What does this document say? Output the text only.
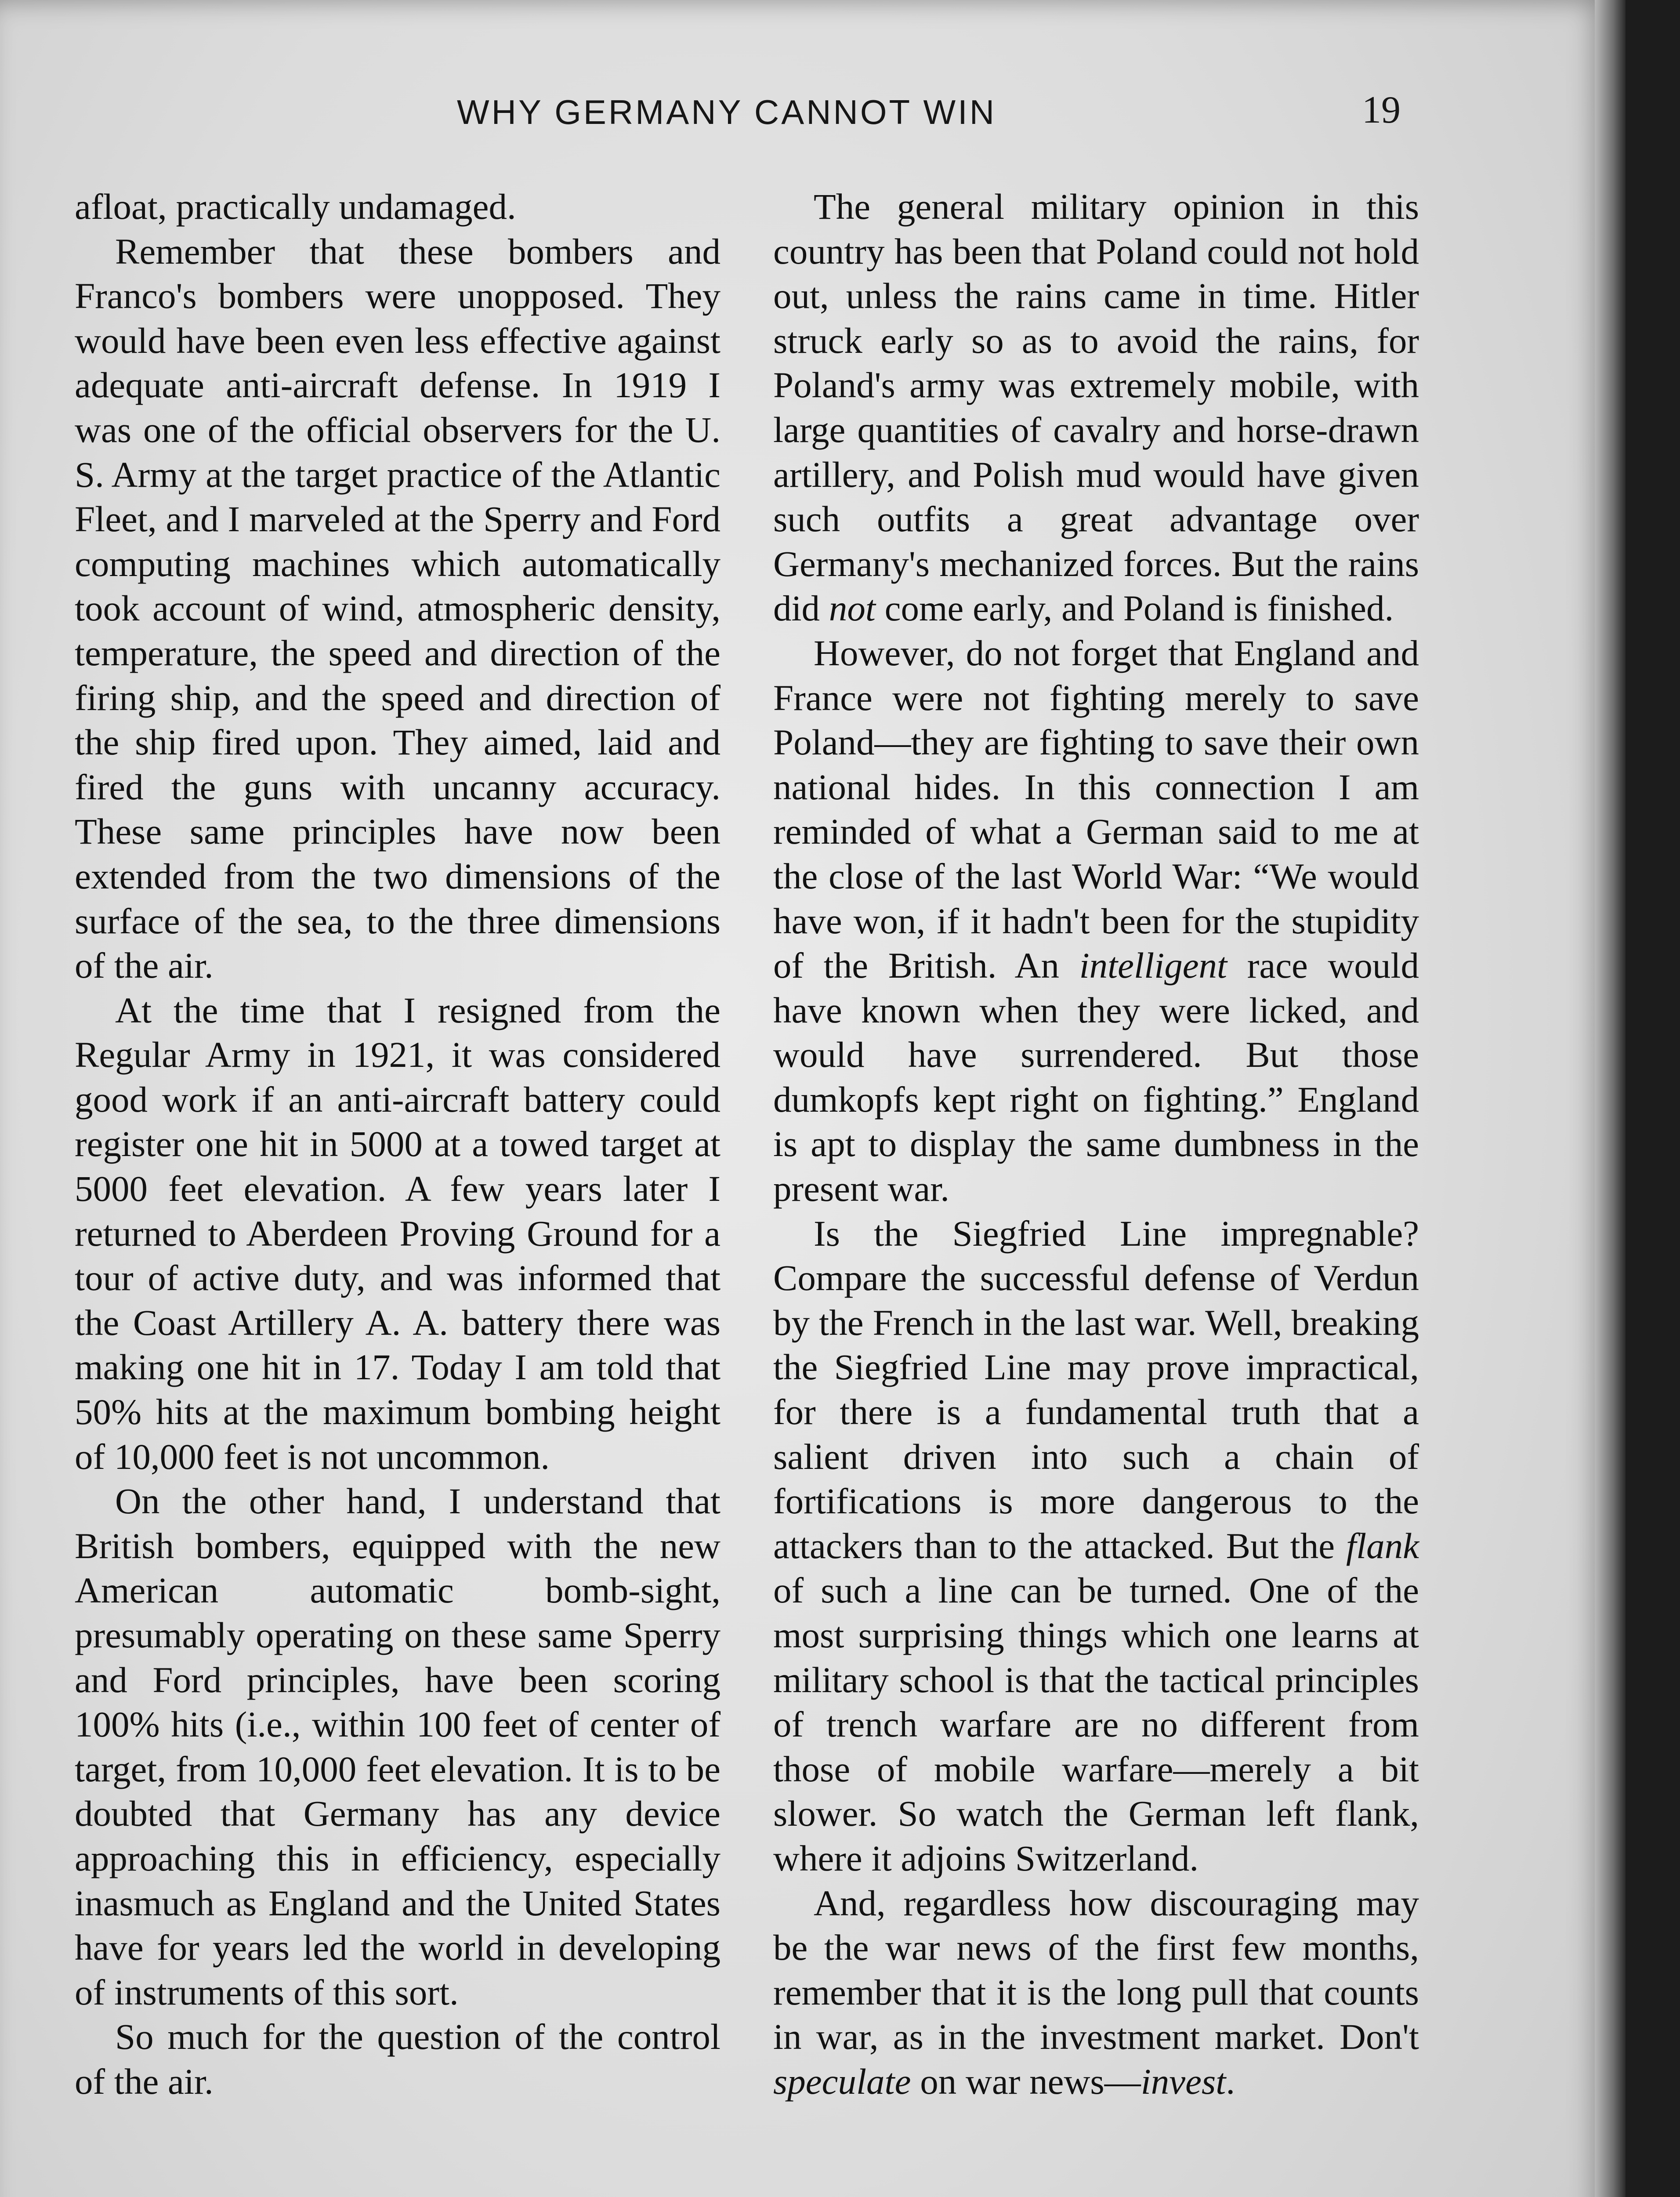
WHY GERMANY CANNOT WIN	19

afloat, practically undamaged.

Remember that these bombers and Franco's bombers were unopposed. They would have been even less effective against adequate anti-aircraft defense. In 1919 I was one of the official observers for the U. S. Army at the target practice of the Atlantic Fleet, and I marveled at the Sperry and Ford computing machines which automatically took account of wind, atmospheric density, temperature, the speed and direction of the firing ship, and the speed and direction of the ship fired upon. They aimed, laid and fired the guns with uncanny accuracy. These same principles have now been extended from the two dimensions of the surface of the sea, to the three dimensions of the air.

At the time that I resigned from the Regular Army in 1921, it was considered good work if an anti-aircraft battery could register one hit in 5000 at a towed target at 5000 feet elevation. A few years later I returned to Aberdeen Proving Ground for a tour of active duty, and was informed that the Coast Artillery A. A. battery there was making one hit in 17. Today I am told that 50% hits at the maximum bombing height of 10,000 feet is not uncommon.

On the other hand, I understand that British bombers, equipped with the new American automatic bomb-sight, presumably operating on these same Sperry and Ford principles, have been scoring 100% hits (i.e., within 100 feet of center of target, from 10,000 feet elevation. It is to be doubted that Germany has any device approaching this in efficiency, especially inasmuch as England and the United States have for years led the world in developing of instruments of this sort.

So much for the question of the control of the air.

The general military opinion in this country has been that Poland could not hold out, unless the rains came in time. Hitler struck early so as to avoid the rains, for Poland's army was extremely mobile, with large quantities of cavalry and horse-drawn artillery, and Polish mud would have given such outfits a great advantage over Germany's mechanized forces. But the rains did not come early, and Poland is finished.

However, do not forget that England and France were not fighting merely to save Poland—they are fighting to save their own national hides. In this connection I am reminded of what a German said to me at the close of the last World War: “We would have won, if it hadn't been for the stupidity of the British. An intelligent race would have known when they were licked, and would have surrendered. But those dumkopfs kept right on fighting.” England is apt to display the same dumbness in the present war.

Is the Siegfried Line impregnable? Compare the successful defense of Verdun by the French in the last war. Well, breaking the Siegfried Line may prove impractical, for there is a fundamental truth that a salient driven into such a chain of fortifications is more dangerous to the attackers than to the attacked. But the flank of such a line can be turned. One of the most surprising things which one learns at military school is that the tactical principles of trench warfare are no different from those of mobile warfare—merely a bit slower. So watch the German left flank, where it adjoins Switzerland.

And, regardless how discouraging may be the war news of the first few months, remember that it is the long pull that counts in war, as in the investment market. Don't speculate on war news—invest.
